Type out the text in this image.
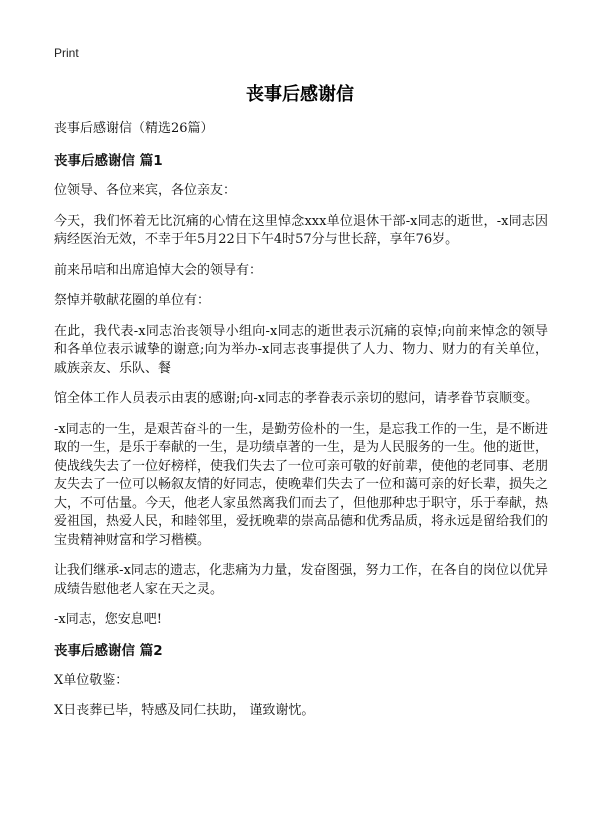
Print
丧事后感谢信

丧事后感谢信（精选26篇）

丧事后感谢信 篇1

位领导、各位来宾，各位亲友：

今天，我们怀着无比沉痛的心情在这里悼念xxx单位退休干部-x同志的逝世，-x同志因病经医治无效，不幸于年5月22日下午4时57分与世长辞，享年76岁。

前来吊唁和出席追悼大会的领导有：

祭悼并敬献花圈的单位有：

在此，我代表-x同志治丧领导小组向-x同志的逝世表示沉痛的哀悼;向前来悼念的领导和各单位表示诚挚的谢意;向为举办-x同志丧事提供了人力、物力、财力的有关单位，戚族亲友、乐队、餐

馆全体工作人员表示由衷的感谢;向-x同志的孝眷表示亲切的慰问，请孝眷节哀顺变。

-x同志的一生，是艰苦奋斗的一生，是勤劳俭朴的一生，是忘我工作的一生，是不断进取的一生，是乐于奉献的一生，是功绩卓著的一生，是为人民服务的一生。他的逝世，使战线失去了一位好榜样，使我们失去了一位可亲可敬的好前辈，使他的老同事、老朋友失去了一位可以畅叙友情的好同志，使晚辈们失去了一位和蔼可亲的好长辈，损失之大，不可估量。今天，他老人家虽然离我们而去了，但他那种忠于职守，乐于奉献，热爱祖国，热爱人民，和睦邻里，爱抚晚辈的崇高品德和优秀品质，将永远是留给我们的宝贵精神财富和学习楷模。

让我们继承-x同志的遗志，化悲痛为力量，发奋图强，努力工作，在各自的岗位以优异成绩告慰他老人家在天之灵。

-x同志，您安息吧!

丧事后感谢信 篇2

X单位敬鉴：

X日丧葬已毕，特感及同仁扶助， 谨致谢忱。
